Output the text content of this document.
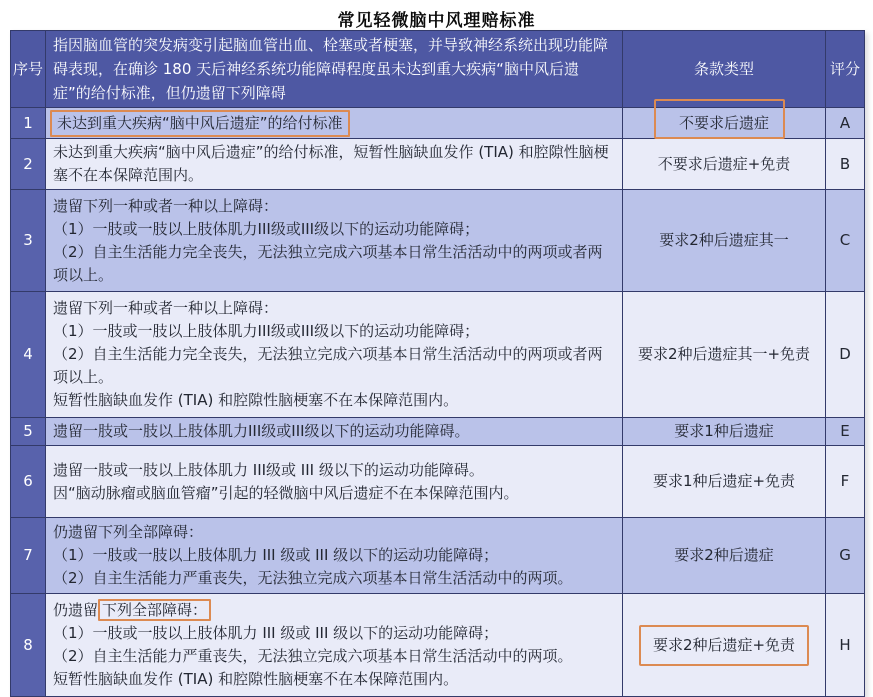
常见轻微脑中风理赔标准
序号	指因脑血管的突发病变引起脑血管出血、栓塞或者梗塞，并导致神经系统出现功能障碍表现，在确诊 180 天后神经系统功能障碍程度虽未达到重大疾病“脑中风后遗症”的给付标准，但仍遗留下列障碍	条款类型	评分
1	未达到重大疾病“脑中风后遗症”的给付标准	不要求后遗症	A
2	未达到重大疾病“脑中风后遗症”的给付标准，短暂性脑缺血发作 (TIA) 和腔隙性脑梗塞不在本保障范围内。	不要求后遗症+免责	B
3	遗留下列一种或者一种以上障碍：
（1）一肢或一肢以上肢体肌力III级或III级以下的运动功能障碍；
（2）自主生活能力完全丧失，无法独立完成六项基本日常生活活动中的两项或者两项以上。	要求2种后遗症其一	C
4	遗留下列一种或者一种以上障碍：
（1）一肢或一肢以上肢体肌力III级或III级以下的运动功能障碍；
（2）自主生活能力完全丧失，无法独立完成六项基本日常生活活动中的两项或者两项以上。
短暂性脑缺血发作 (TIA) 和腔隙性脑梗塞不在本保障范围内。	要求2种后遗症其一+免责	D
5	遗留一肢或一肢以上肢体肌力III级或III级以下的运动功能障碍。	要求1种后遗症	E
6	遗留一肢或一肢以上肢体肌力 III级或 III 级以下的运动功能障碍。
因“脑动脉瘤或脑血管瘤”引起的轻微脑中风后遗症不在本保障范围内。	要求1种后遗症+免责	F
7	仍遗留下列全部障碍：
（1）一肢或一肢以上肢体肌力 III 级或 III 级以下的运动功能障碍；
（2）自主生活能力严重丧失，无法独立完成六项基本日常生活活动中的两项。	要求2种后遗症	G
8	仍遗留 下列全部障碍：
（1）一肢或一肢以上肢体肌力 III 级或 III 级以下的运动功能障碍；
（2）自主生活能力严重丧失，无法独立完成六项基本日常生活活动中的两项。
短暂性脑缺血发作 (TIA) 和腔隙性脑梗塞不在本保障范围内。	要求2种后遗症+免责	H
